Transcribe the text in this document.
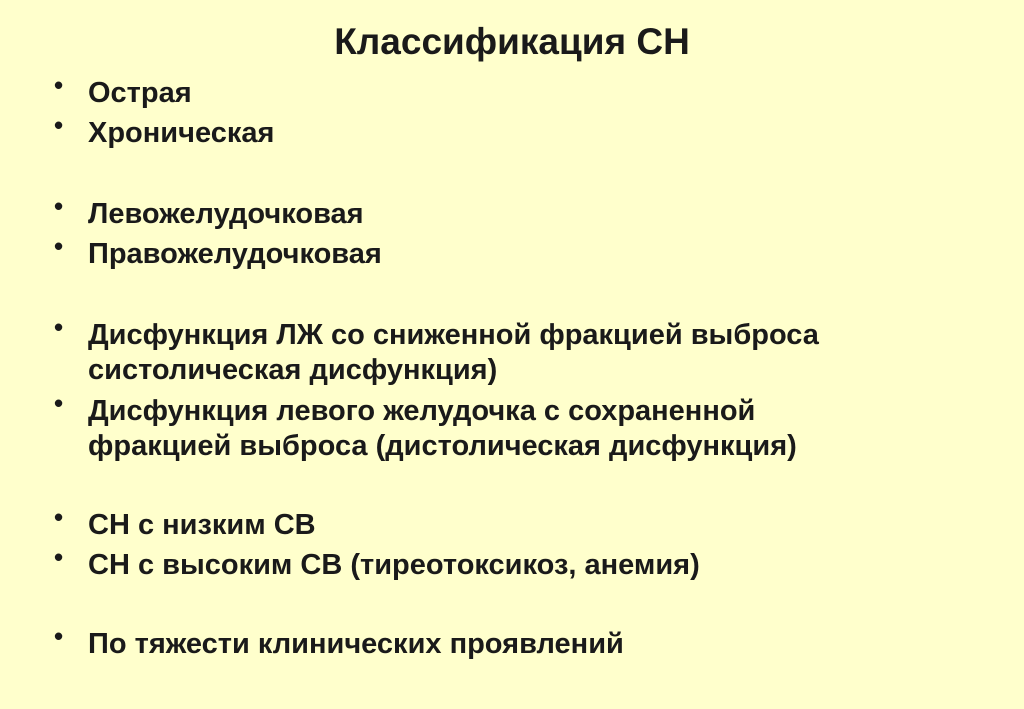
Классификация СН
• Острая
• Хроническая
• Левожелудочковая
• Правожелудочковая
• Дисфункция ЛЖ со сниженной фракцией выброса
систолическая дисфункция)
• Дисфункция левого желудочка с сохраненной
фракцией выброса (дистолическая дисфункция)
• СН с низким СВ
• СН с высоким СВ (тиреотоксикоз, анемия)
• По тяжести клинических проявлений
